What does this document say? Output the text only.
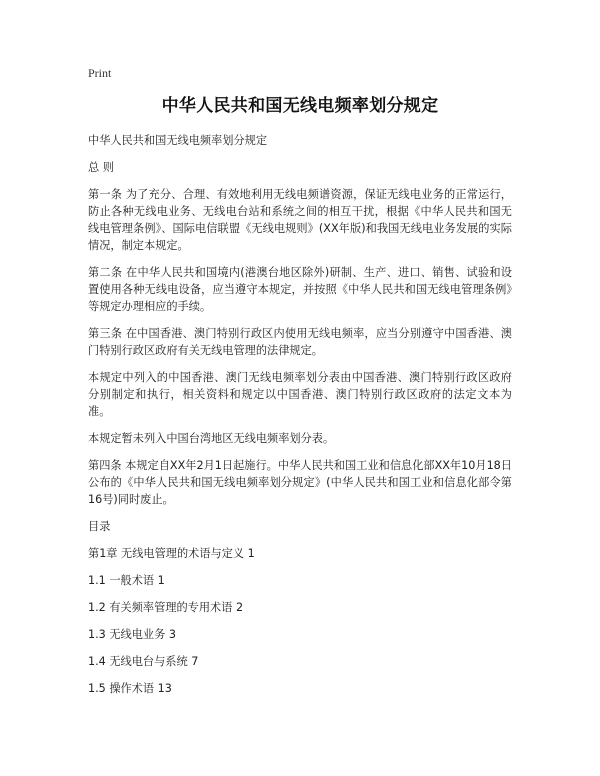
Print
中华人民共和国无线电频率划分规定
中华人民共和国无线电频率划分规定
总 则
第一条 为了充分、合理、有效地利用无线电频谱资源，保证无线电业务的正常运行，防止各种无线电业务、无线电台站和系统之间的相互干扰，根据《中华人民共和国无线电管理条例》、国际电信联盟《无线电规则》(XX年版)和我国无线电业务发展的实际情况，制定本规定。
第二条 在中华人民共和国境内(港澳台地区除外)研制、生产、进口、销售、试验和设置使用各种无线电设备，应当遵守本规定，并按照《中华人民共和国无线电管理条例》等规定办理相应的手续。
第三条 在中国香港、澳门特别行政区内使用无线电频率，应当分别遵守中国香港、澳门特别行政区政府有关无线电管理的法律规定。
本规定中列入的中国香港、澳门无线电频率划分表由中国香港、澳门特别行政区政府分别制定和执行，相关资料和规定以中国香港、澳门特别行政区政府的法定文本为准。
本规定暂未列入中国台湾地区无线电频率划分表。
第四条 本规定自XX年2月1日起施行。中华人民共和国工业和信息化部XX年10月18日公布的《中华人民共和国无线电频率划分规定》(中华人民共和国工业和信息化部令第16号)同时废止。
目录
第1章 无线电管理的术语与定义 1
1.1 一般术语 1
1.2 有关频率管理的专用术语 2
1.3 无线电业务 3
1.4 无线电台与系统 7
1.5 操作术语 13
